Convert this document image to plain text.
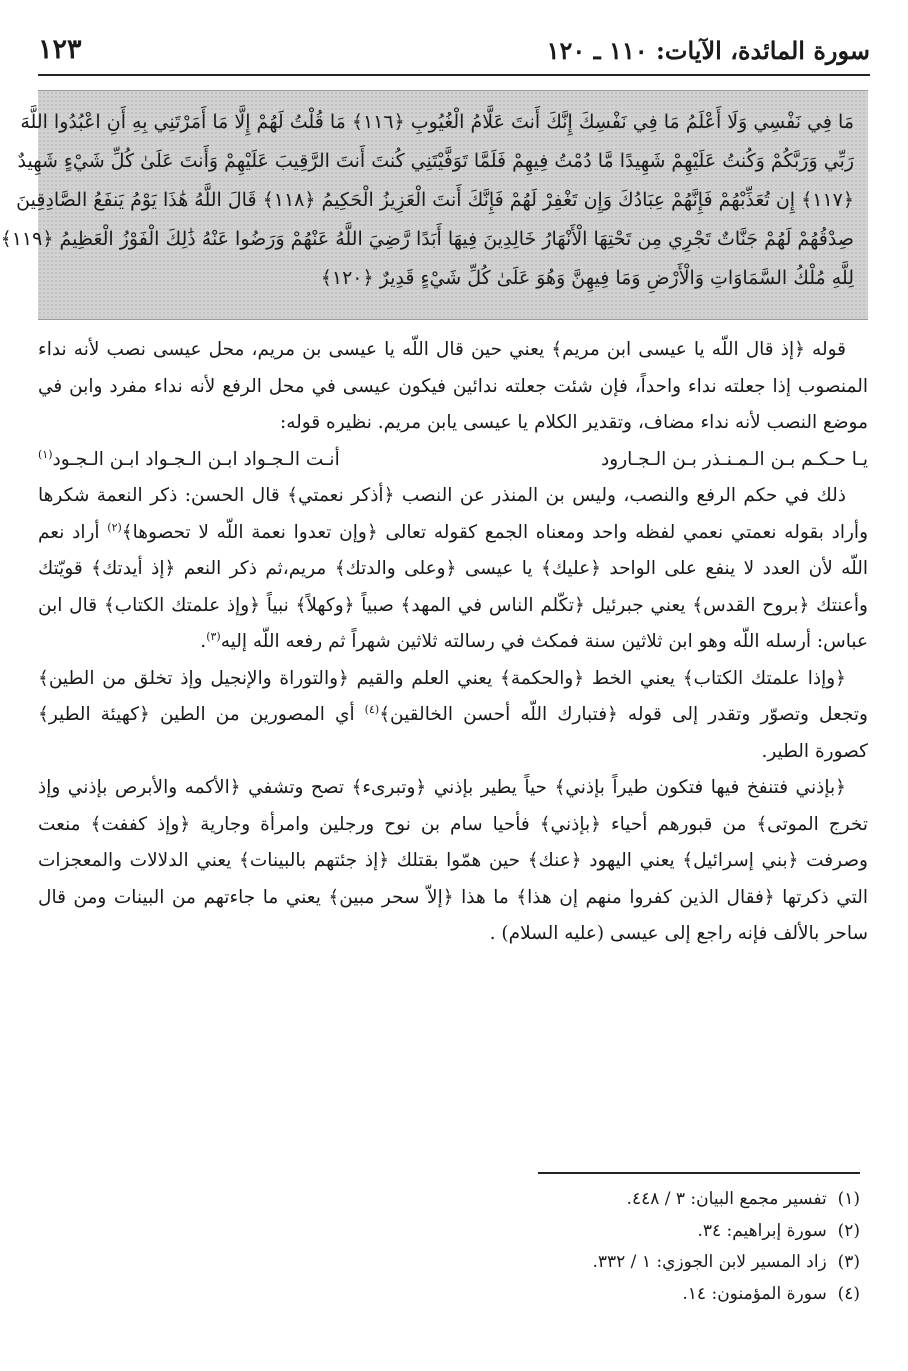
سورة المائدة، الآيات: ١١٠ ـ ١٢٠
١٢٣
مَا فِي نَفْسِي وَلَا أَعْلَمُ مَا فِي نَفْسِكَ إِنَّكَ أَنتَ عَلَّامُ الْغُيُوبِ ﴿١١٦﴾ مَا قُلْتُ لَهُمْ إِلَّا مَا أَمَرْتَنِي بِهِ أَنِ اعْبُدُوا اللَّهَ
رَبِّي وَرَبَّكُمْ وَكُنتُ عَلَيْهِمْ شَهِيدًا مَّا دُمْتُ فِيهِمْ فَلَمَّا تَوَفَّيْتَنِي كُنتَ أَنتَ الرَّقِيبَ عَلَيْهِمْ وَأَنتَ عَلَىٰ كُلِّ شَيْءٍ شَهِيدٌ
﴿١١٧﴾ إِن تُعَذِّبْهُمْ فَإِنَّهُمْ عِبَادُكَ وَإِن تَغْفِرْ لَهُمْ فَإِنَّكَ أَنتَ الْعَزِيزُ الْحَكِيمُ ﴿١١٨﴾ قَالَ اللَّهُ هَٰذَا يَوْمُ يَنفَعُ الصَّادِقِينَ
صِدْقُهُمْ لَهُمْ جَنَّاتٌ تَجْرِي مِن تَحْتِهَا الْأَنْهَارُ خَالِدِينَ فِيهَا أَبَدًا رَّضِيَ اللَّهُ عَنْهُمْ وَرَضُوا عَنْهُ ذَٰلِكَ الْفَوْزُ الْعَظِيمُ ﴿١١٩﴾
لِلَّهِ مُلْكُ السَّمَاوَاتِ وَالْأَرْضِ وَمَا فِيهِنَّ وَهُوَ عَلَىٰ كُلِّ شَيْءٍ قَدِيرٌ ﴿١٢٠﴾

قوله ﴿إذ قال اللّه يا عيسى ابن مريم﴾ يعني حين قال اللّه يا عيسى بن مريم، محل عيسى نصب لأنه نداء المنصوب إذا جعلته نداء واحداً، فإن شئت جعلته ندائين فيكون عيسى في محل الرفع لأنه نداء مفرد وابن في موضع النصب لأنه نداء مضاف، وتقدير الكلام يا عيسى يابن مريم. نظيره قوله:

يـا حـكـم بـن الـمـنـذر بـن الـجـارود
أنـت الـجـواد ابـن الـجـواد ابـن الـجـود$^{(١)}$

ذلك في حكم الرفع والنصب، وليس بن المنذر عن النصب ﴿أذكر نعمتي﴾ قال الحسن: ذكر النعمة شكرها وأراد بقوله نعمتي نعمي لفظه واحد ومعناه الجمع كقوله تعالى ﴿وإن تعدوا نعمة اللّه لا تحصوها﴾$^{(٢)}$ أراد نعم اللّه لأن العدد لا ينفع على الواحد ﴿عليك﴾ يا عيسى ﴿وعلى والدتك﴾ مريم،ثم ذكر النعم ﴿إذ أيدتك﴾ قويّتك وأعنتك ﴿بروح القدس﴾ يعني جبرئيل ﴿تكّلم الناس في المهد﴾ صبياً ﴿وكهلاً﴾ نبياً ﴿وإذ علمتك الكتاب﴾ قال ابن عباس: أرسله اللّه وهو ابن ثلاثين سنة فمكث في رسالته ثلاثين شهراً ثم رفعه اللّه إليه$^{(٣)}$.

﴿وإذا علمتك الكتاب﴾ يعني الخط ﴿والحكمة﴾ يعني العلم والقيم ﴿والتوراة والإنجيل وإذ تخلق من الطين﴾ وتجعل وتصوّر وتقدر إلى قوله ﴿فتبارك اللّه أحسن الخالقين﴾$^{(٤)}$ أي المصورين من الطين ﴿كهيئة الطير﴾ كصورة الطير.

﴿بإذني فتنفخ فيها فتكون طيراً بإذني﴾ حياً يطير بإذني ﴿وتبرىء﴾ تصح وتشفي ﴿الأكمه والأبرص بإذني وإذ تخرج الموتى﴾ من قبورهم أحياء ﴿بإذني﴾ فأحيا سام بن نوح ورجلين وامرأة وجارية ﴿وإذ كففت﴾ منعت وصرفت ﴿بني إسرائيل﴾ يعني اليهود ﴿عنك﴾ حين همّوا بقتلك ﴿إذ جئتهم بالبينات﴾ يعني الدلالات والمعجزات التي ذكرتها ﴿فقال الذين كفروا منهم إن هذا﴾ ما هذا ﴿إلاّ سحر مبين﴾ يعني ما جاءتهم من البينات ومن قال ساحر بالألف فإنه راجع إلى عيسى (عليه السلام) .

(١)  تفسير مجمع البيان: ٣ / ٤٤٨.
(٢)  سورة إبراهيم: ٣٤.
(٣)  زاد المسير لابن الجوزي: ١ / ٣٣٢.
(٤)  سورة المؤمنون: ١٤.
